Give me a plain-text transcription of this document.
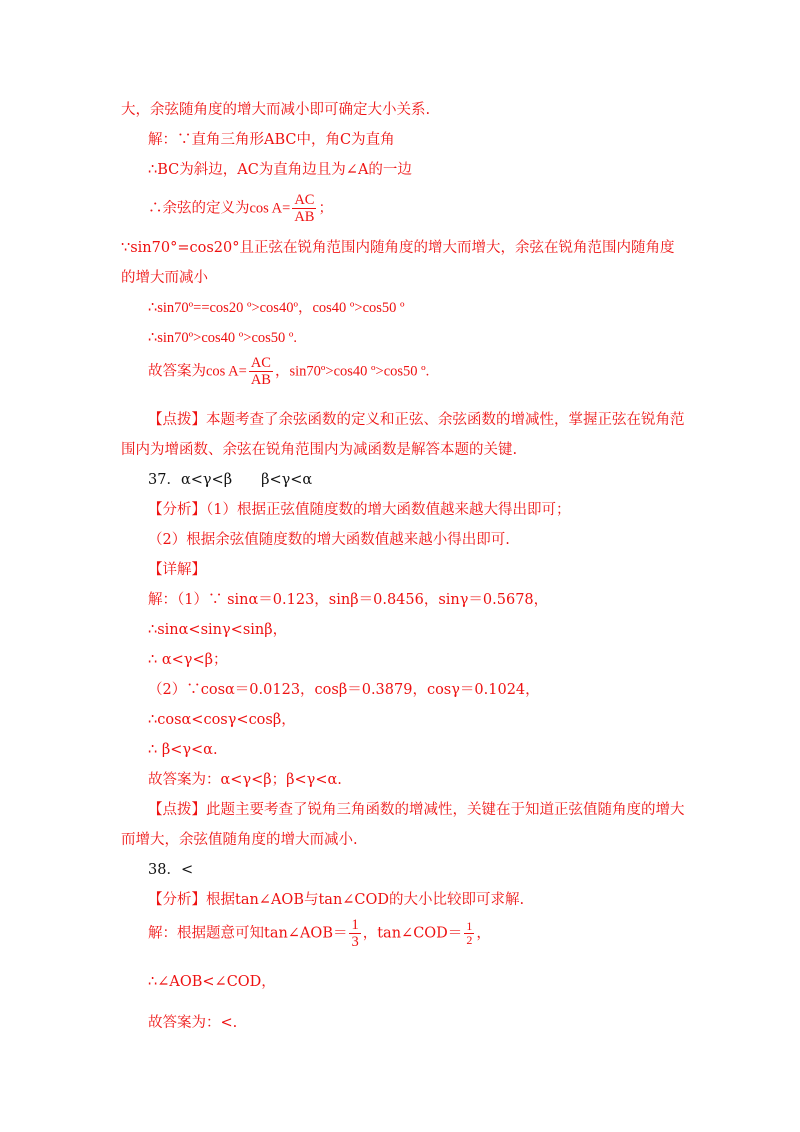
大，余弦随角度的增大而减小即可确定大小关系.
解：∵直角三角形ABC中，角C为直角
∴BC为斜边，AC为直角边且为∠A的一边
∴余弦的定义为$\cos A= \frac{AC}{AB}$ ；
∵sin70°=cos20°且正弦在锐角范围内随角度的增大而增大，余弦在锐角范围内随角度
的增大而减小
∴sin70º==cos20 º>cos40º，cos40 º>cos50 º
∴sin70º>cos40 º>cos50 º.
故答案为$\cos A= \frac{AC}{AB}$ ，sin70º>cos40 º>cos50 º.
【点拨】本题考查了余弦函数的定义和正弦、余弦函数的增减性，掌握正弦在锐角范
围内为增函数、余弦在锐角范围内为减函数是解答本题的关键.
37．α<γ<β　　β<γ<α
【分析】（1）根据正弦值随度数的增大函数值越来越大得出即可；
（2）根据余弦值随度数的增大函数值越来越小得出即可.
【详解】
解：（1）∵ sinα＝0.123，sinβ＝0.8456，sinγ＝0.5678，
∴sinα<sinγ<sinβ，
∴ α<γ<β；
（2）∵cosα＝0.0123，cosβ＝0.3879，cosγ＝0.1024，
∴cosα<cosγ<cosβ，
∴ β<γ<α.
故答案为：α<γ<β；β<γ<α.
【点拨】此题主要考查了锐角三角函数的增减性，关键在于知道正弦值随角度的增大
而增大，余弦值随角度的增大而减小.
38．<
【分析】根据tan∠AOB与tan∠COD的大小比较即可求解.
解：根据题意可知tan∠AOB＝ $\frac{1}{3}$ ，tan∠COD＝ $\frac{1}{2}$ ，
∴∠AOB<∠COD，
故答案为：<.
